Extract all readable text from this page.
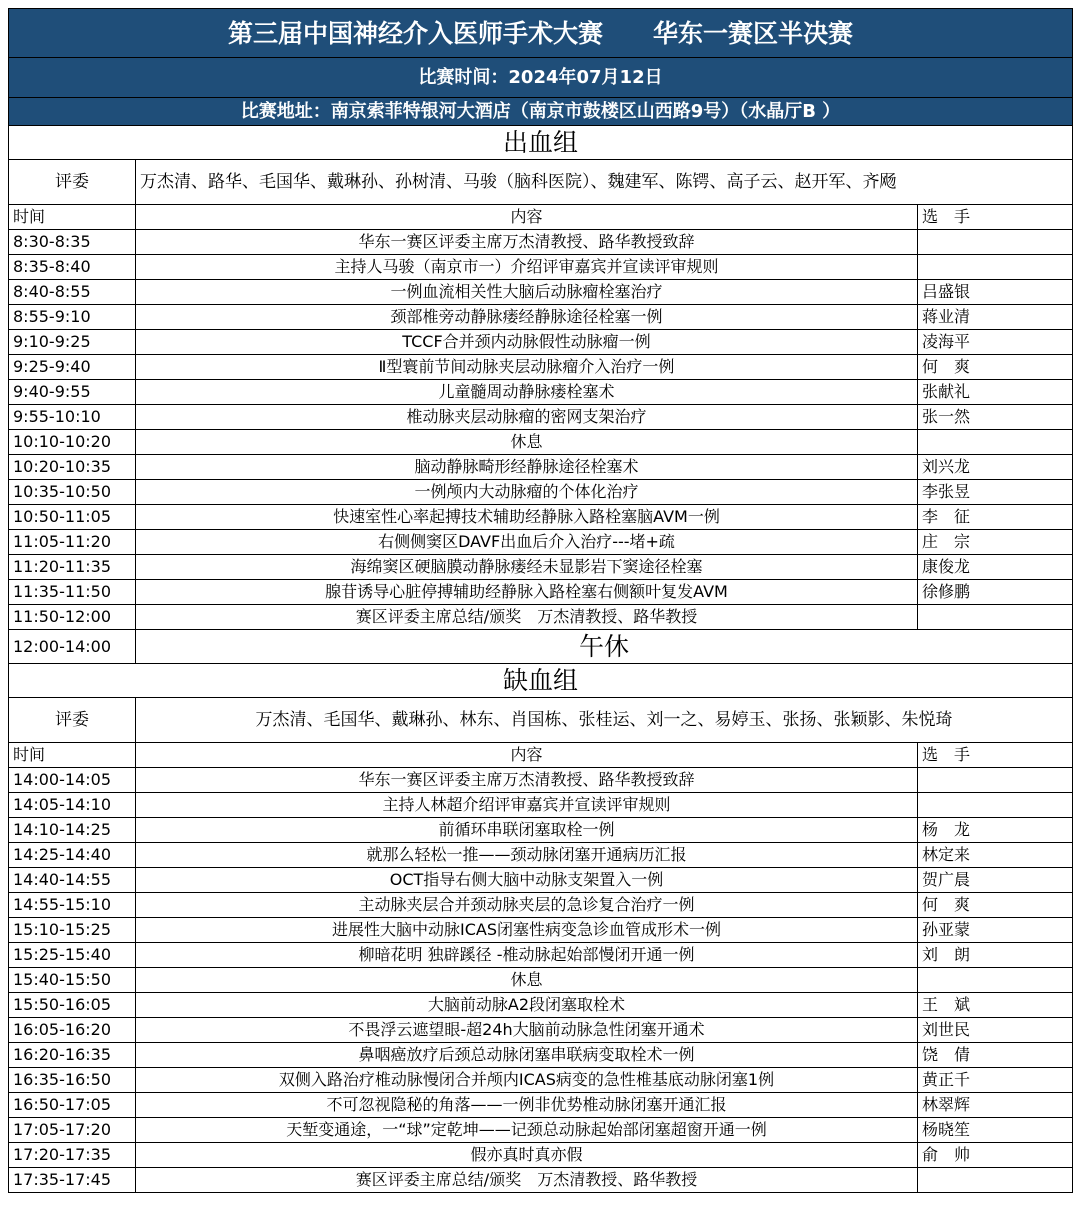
第三届中国神经介入医师手术大赛　　华东一赛区半决赛		
比赛时间：2024年07月12日		
比赛地址：南京索菲特银河大酒店（南京市鼓楼区山西路9号）（水晶厅B ）		
出血组		
评委	万杰清、路华、毛国华、戴琳孙、孙树清、马骏（脑科医院）、魏建军、陈锷、高子云、赵开军、齐飏	
时间	内容	选　手
8:30-8:35	华东一赛区评委主席万杰清教授、路华教授致辞	
8:35-8:40	主持人马骏（南京市一）介绍评审嘉宾并宣读评审规则	
8:40-8:55	一例血流相关性大脑后动脉瘤栓塞治疗	吕盛银
8:55-9:10	颈部椎旁动静脉瘘经静脉途径栓塞一例	蒋业清
9:10-9:25	TCCF合并颈内动脉假性动脉瘤一例	凌海平
9:25-9:40	Ⅱ型寰前节间动脉夹层动脉瘤介入治疗一例	何　爽
9:40-9:55	儿童髓周动静脉瘘栓塞术	张献礼
9:55-10:10	椎动脉夹层动脉瘤的密网支架治疗	张一然
10:10-10:20	休息	
10:20-10:35	脑动静脉畸形经静脉途径栓塞术	刘兴龙
10:35-10:50	一例颅内大动脉瘤的个体化治疗	李张昱
10:50-11:05	快速室性心率起搏技术辅助经静脉入路栓塞脑AVM一例	李　征
11:05-11:20	右侧侧窦区DAVF出血后介入治疗---堵+疏	庄　宗
11:20-11:35	海绵窦区硬脑膜动静脉瘘经未显影岩下窦途径栓塞	康俊龙
11:35-11:50	腺苷诱导心脏停搏辅助经静脉入路栓塞右侧额叶复发AVM	徐修鹏
11:50-12:00	赛区评委主席总结/颁奖　万杰清教授、路华教授	
12:00-14:00	午休	
缺血组		
评委	万杰清、毛国华、戴琳孙、林东、肖国栋、张桂运、刘一之、易婷玉、张扬、张颖影、朱悦琦	
时间	内容	选　手
14:00-14:05	华东一赛区评委主席万杰清教授、路华教授致辞	
14:05-14:10	主持人林超介绍评审嘉宾并宣读评审规则	
14:10-14:25	前循环串联闭塞取栓一例	杨　龙
14:25-14:40	就那么轻松一推——颈动脉闭塞开通病历汇报	林定来
14:40-14:55	OCT指导右侧大脑中动脉支架置入一例	贺广晨
14:55-15:10	主动脉夹层合并颈动脉夹层的急诊复合治疗一例	何　爽
15:10-15:25	进展性大脑中动脉ICAS闭塞性病变急诊血管成形术一例	孙亚蒙
15:25-15:40	柳暗花明 独辟蹊径 -椎动脉起始部慢闭开通一例	刘　朗
15:40-15:50	休息	
15:50-16:05	大脑前动脉A2段闭塞取栓术	王　斌
16:05-16:20	不畏浮云遮望眼-超24h大脑前动脉急性闭塞开通术	刘世民
16:20-16:35	鼻咽癌放疗后颈总动脉闭塞串联病变取栓术一例	饶　倩
16:35-16:50	双侧入路治疗椎动脉慢闭合并颅内ICAS病变的急性椎基底动脉闭塞1例	黄正千
16:50-17:05	不可忽视隐秘的角落——一例非优势椎动脉闭塞开通汇报	林翠辉
17:05-17:20	天堑变通途，一“球”定乾坤——记颈总动脉起始部闭塞超窗开通一例	杨晓笙
17:20-17:35	假亦真时真亦假	俞　帅
17:35-17:45	赛区评委主席总结/颁奖　万杰清教授、路华教授	
